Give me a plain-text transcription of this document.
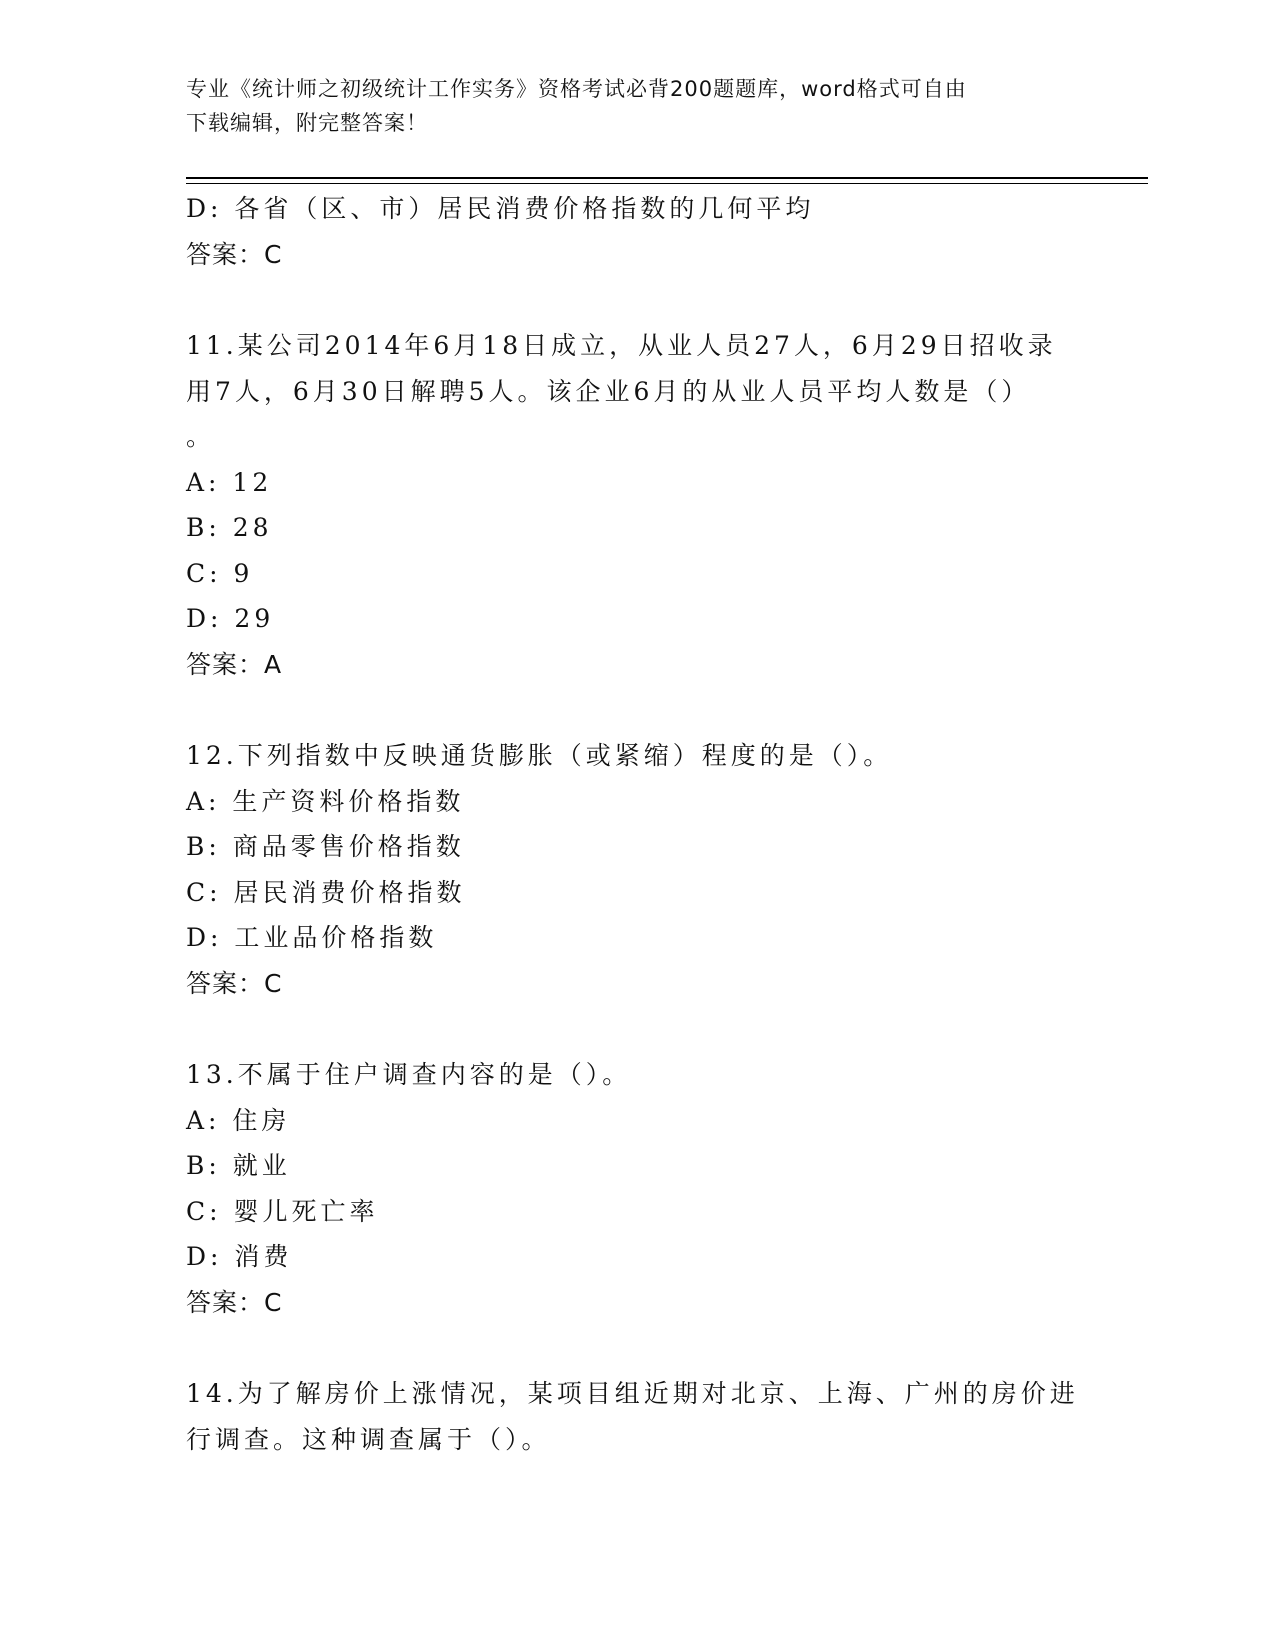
专业《统计师之初级统计工作实务》资格考试必背200题题库，word格式可自由
下载编辑，附完整答案！
D: 各省（区、市）居民消费价格指数的几何平均
答案：C
11.某公司2014年6月18日成立，从业人员27人，6月29日招收录
用7人，6月30日解聘5人。该企业6月的从业人员平均人数是（）
。
A: 12
B: 28
C: 9
D: 29
答案：A
12.下列指数中反映通货膨胀（或紧缩）程度的是（）。
A: 生产资料价格指数
B: 商品零售价格指数
C: 居民消费价格指数
D: 工业品价格指数
答案：C
13.不属于住户调查内容的是（）。
A: 住房
B: 就业
C: 婴儿死亡率
D: 消费
答案：C
14.为了解房价上涨情况，某项目组近期对北京、上海、广州的房价进
行调查。这种调查属于（）。
